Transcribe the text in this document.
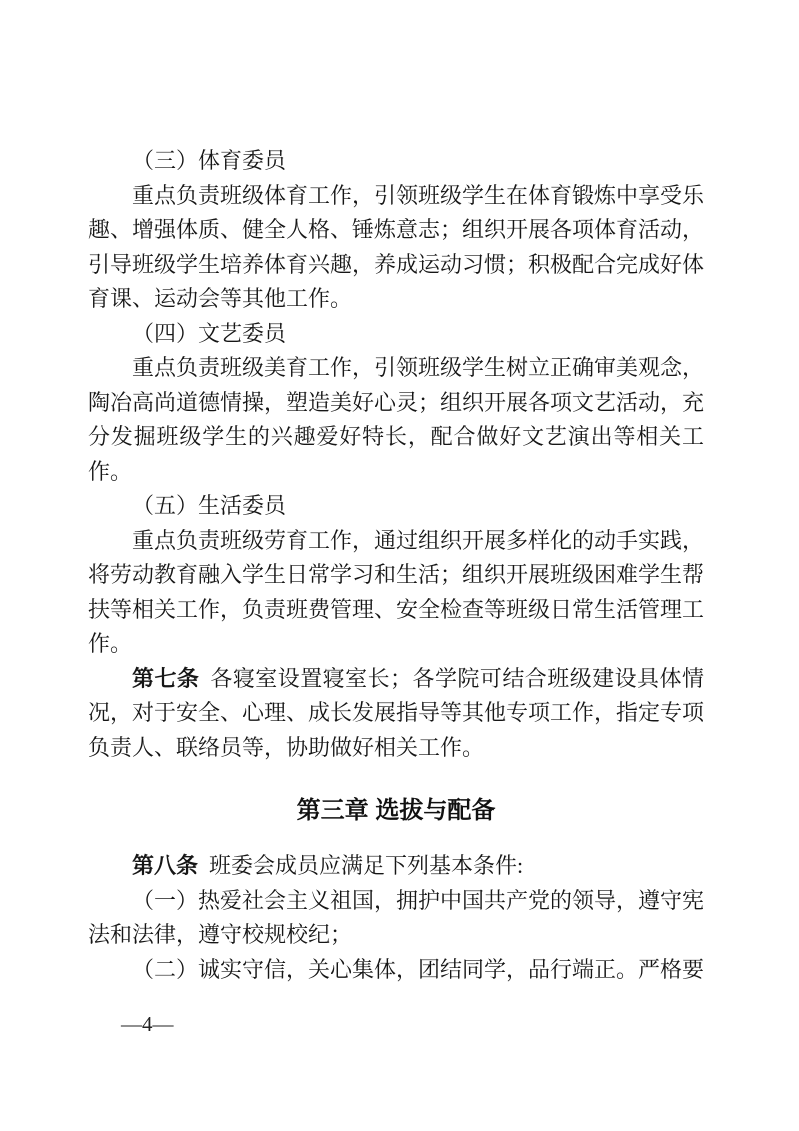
（三）体育委员

重点负责班级体育工作，引领班级学生在体育锻炼中享受乐趣、增强体质、健全人格、锤炼意志；组织开展各项体育活动，引导班级学生培养体育兴趣，养成运动习惯；积极配合完成好体育课、运动会等其他工作。

（四）文艺委员

重点负责班级美育工作，引领班级学生树立正确审美观念，陶冶高尚道德情操，塑造美好心灵；组织开展各项文艺活动，充分发掘班级学生的兴趣爱好特长，配合做好文艺演出等相关工作。

（五）生活委员

重点负责班级劳育工作，通过组织开展多样化的动手实践，将劳动教育融入学生日常学习和生活；组织开展班级困难学生帮扶等相关工作，负责班费管理、安全检查等班级日常生活管理工作。

第七条 各寝室设置寝室长；各学院可结合班级建设具体情况，对于安全、心理、成长发展指导等其他专项工作，指定专项负责人、联络员等，协助做好相关工作。

第三章 选拔与配备

第八条 班委会成员应满足下列基本条件:

（一）热爱社会主义祖国，拥护中国共产党的领导，遵守宪法和法律，遵守校规校纪；

（二）诚实守信，关心集体，团结同学，品行端正。严格要

—4—
